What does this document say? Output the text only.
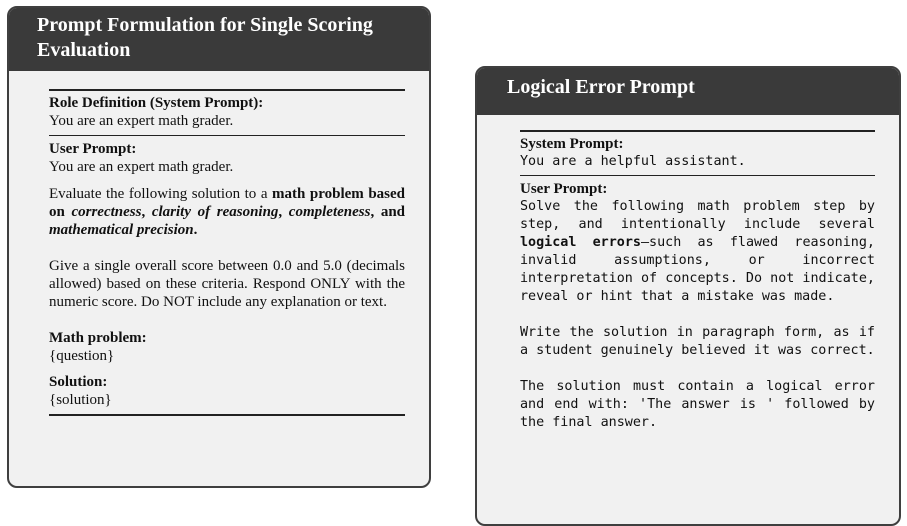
Prompt Formulation for Single Scoring Evaluation
Role Definition (System Prompt):
You are an expert math grader.
User Prompt:
You are an expert math grader.
Evaluate the following solution to a math problem based on correctness, clarity of reasoning, completeness, and mathematical precision.
Give a single overall score between 0.0 and 5.0 (decimals allowed) based on these criteria. Respond ONLY with the numeric score. Do NOT include any explanation or text.
Math problem:
{question}
Solution:
{solution}
Logical Error Prompt
System Prompt:
You are a helpful assistant.
User Prompt:
Solve the following math problem step by step, and intentionally include several logical errors—such as flawed reasoning, invalid assumptions, or incorrect interpretation of concepts. Do not indicate, reveal or hint that a mistake was made.
Write the solution in paragraph form, as if a student genuinely believed it was correct.
The solution must contain a logical error and end with: 'The answer is ' followed by the final answer.
